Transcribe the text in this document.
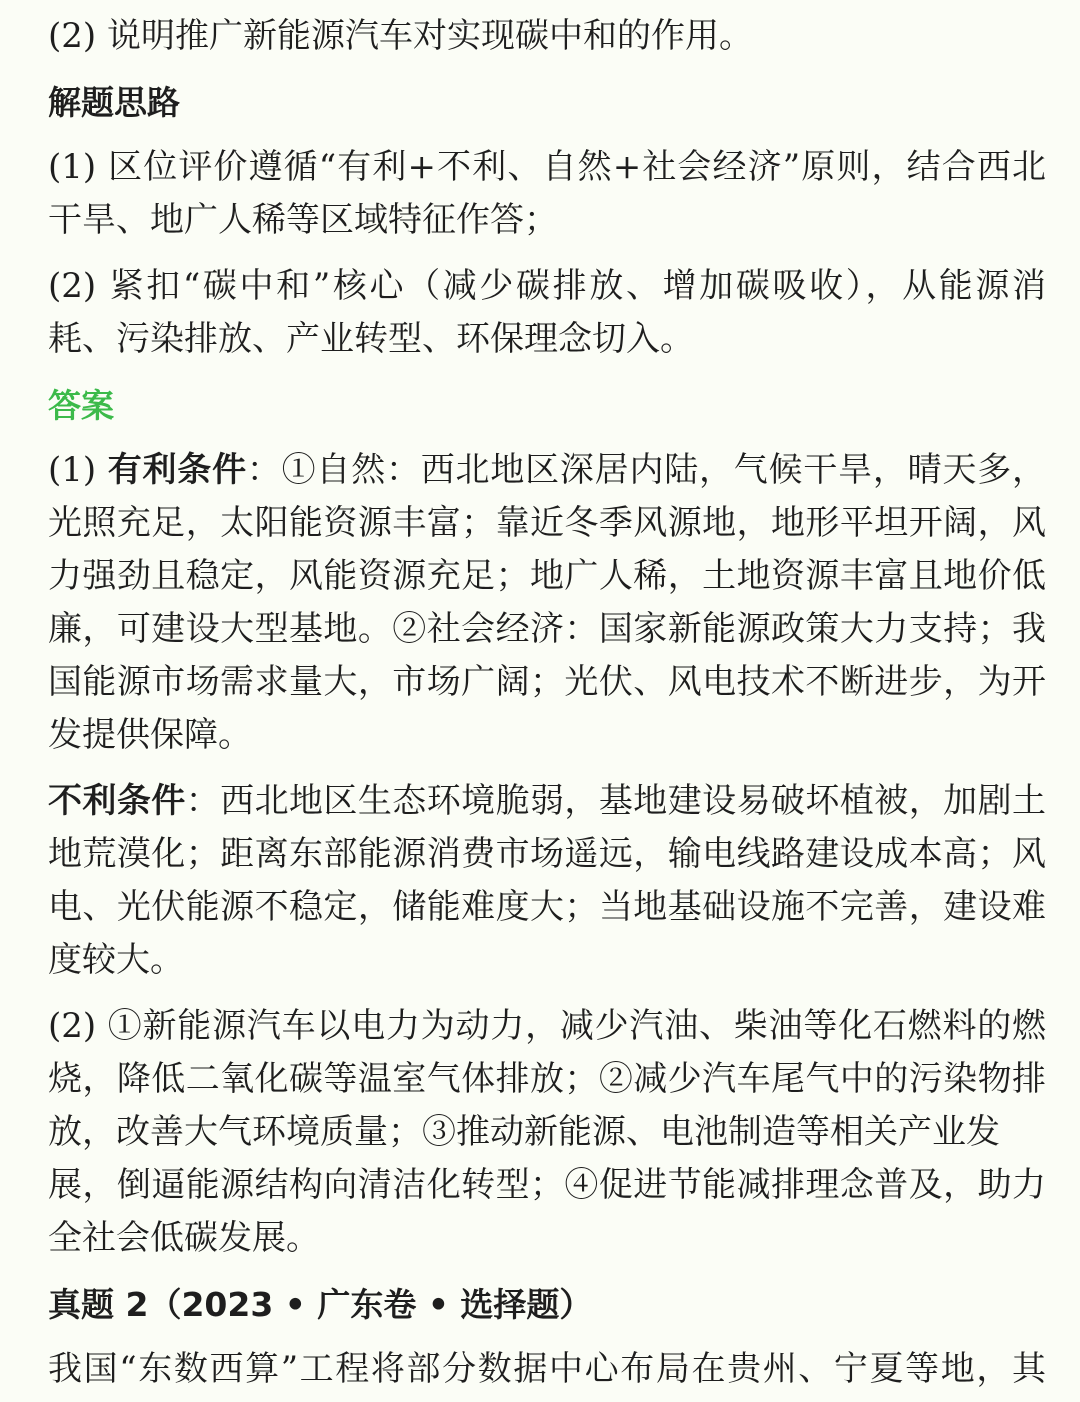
(2) 说明推广新能源汽车对实现碳中和的作用。
解题思路
(1) 区位评价遵循“有利+不利、自然+社会经济”原则，结合西北
干旱、地广人稀等区域特征作答；
(2) 紧扣“碳中和”核心（减少碳排放、增加碳吸收），从能源消
耗、污染排放、产业转型、环保理念切入。
答案
(1) 有利条件：①自然：西北地区深居内陆，气候干旱，晴天多，
光照充足，太阳能资源丰富；靠近冬季风源地，地形平坦开阔，风
力强劲且稳定，风能资源充足；地广人稀，土地资源丰富且地价低
廉，可建设大型基地。②社会经济：国家新能源政策大力支持；我
国能源市场需求量大，市场广阔；光伏、风电技术不断进步，为开
发提供保障。
不利条件：西北地区生态环境脆弱，基地建设易破坏植被，加剧土
地荒漠化；距离东部能源消费市场遥远，输电线路建设成本高；风
电、光伏能源不稳定，储能难度大；当地基础设施不完善，建设难
度较大。
(2) ①新能源汽车以电力为动力，减少汽油、柴油等化石燃料的燃
烧，降低二氧化碳等温室气体排放；②减少汽车尾气中的污染物排
放，改善大气环境质量；③推动新能源、电池制造等相关产业发
展，倒逼能源结构向清洁化转型；④促进节能减排理念普及，助力
全社会低碳发展。
真题 2（2023 • 广东卷 • 选择题）
我国“东数西算”工程将部分数据中心布局在贵州、宁夏等地，其
